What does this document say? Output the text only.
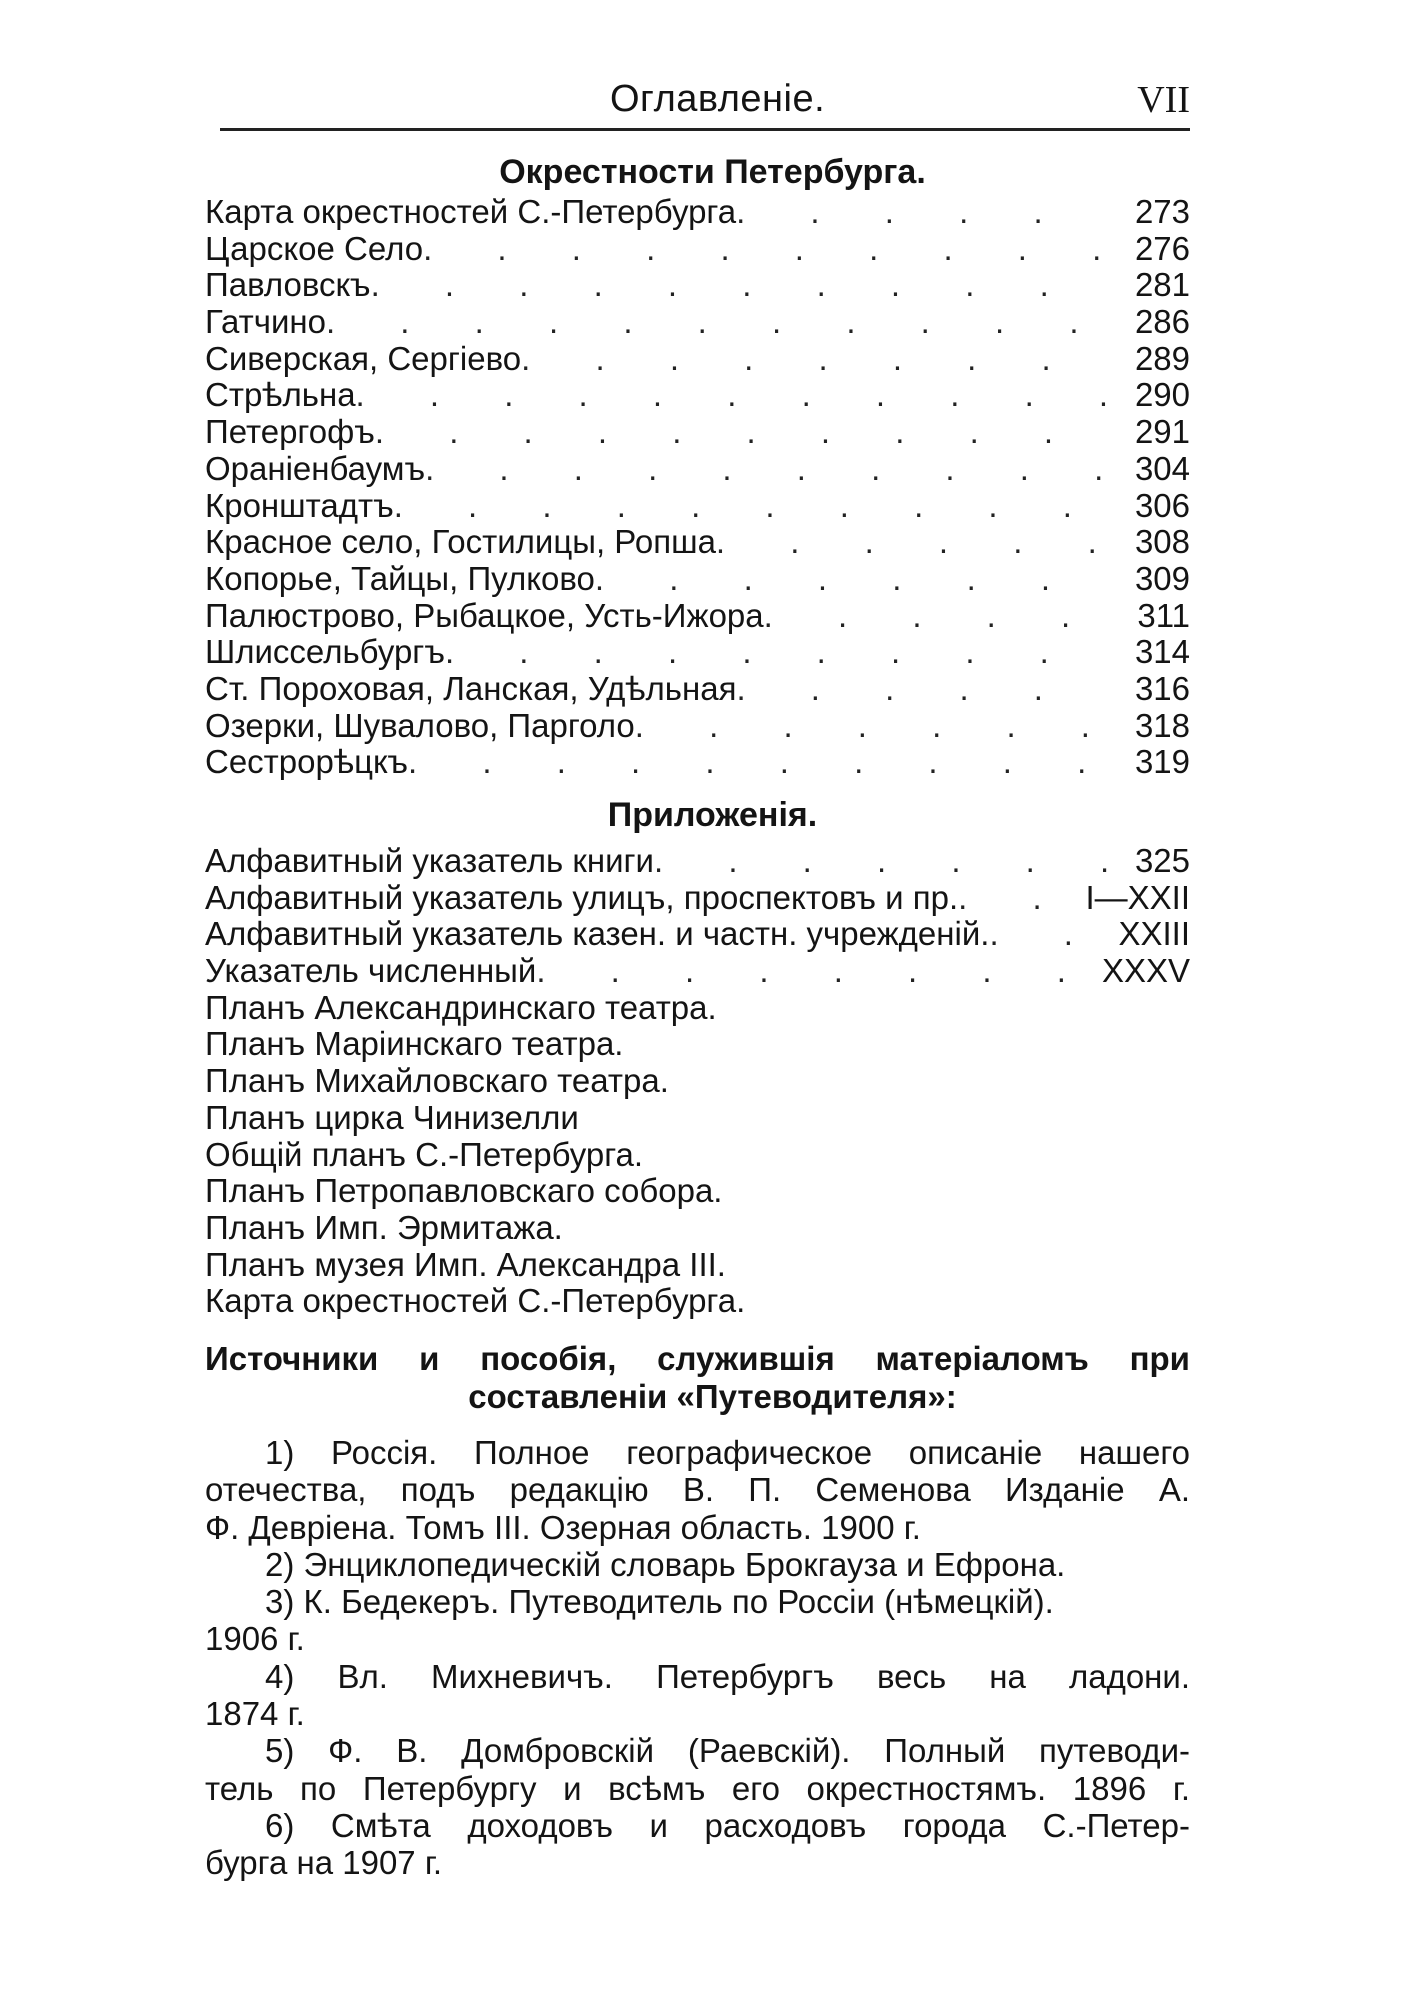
Оглавленіе.	VII
Окрестности Петербурга.
Карта окрестностей С.-Петербурга . . .	273
Царское Село . . .	276
Павловскъ . . .	281
Гатчино . . .	286
Сиверская, Сергіево . . .	289
Стрѣльна . . .	290
Петергофъ . . .	291
Ораніенбаумъ . . .	304
Кронштадтъ . . .	306
Красное село, Гостилицы, Ропша . . .	308
Копорье, Тайцы, Пулково . . .	309
Палюстрово, Рыбацкое, Усть-Ижора . . .	311
Шлиссельбургъ . . .	314
Ст. Пороховая, Ланская, Удѣльная . . .	316
Озерки, Шувалово, Парголо . . .	318
Сестрорѣцкъ . . .	319
Приложенія.
Алфавитный указатель книги . . .	325
Алфавитный указатель улицъ, проспектовъ и пр. . . .	I—XXII
Алфавитный указатель казен. и частн. учрежденій. . . .	XXIII
Указатель численный . . .	XXXV
Планъ Александринскаго театра.
Планъ Маріинскаго театра.
Планъ Михайловскаго театра.
Планъ цирка Чинизелли
Общій планъ С.-Петербурга.
Планъ Петропавловскаго собора.
Планъ Имп. Эрмитажа.
Планъ музея Имп. Александра III.
Карта окрестностей С.-Петербурга.
Источники и пособія, служившія матеріаломъ при
составленіи «Путеводителя»:
1) Россія. Полное географическое описаніе нашего
отечества, подъ редакцію В. П. Семенова Изданіе А.
Ф. Девріена. Томъ III. Озерная область. 1900 г.
2) Энциклопедическій словарь Брокгауза и Ефрона.
3) К. Бедекеръ. Путеводитель по Россіи (нѣмецкій).
1906 г.
4) Вл. Михневичъ. Петербургъ весь на ладони.
1874 г.
5) Ф. В. Домбровскій (Раевскій). Полный путеводи-
тель по Петербургу и всѣмъ его окрестностямъ. 1896 г.
6) Смѣта доходовъ и расходовъ города С.-Петер-
бурга на 1907 г.
